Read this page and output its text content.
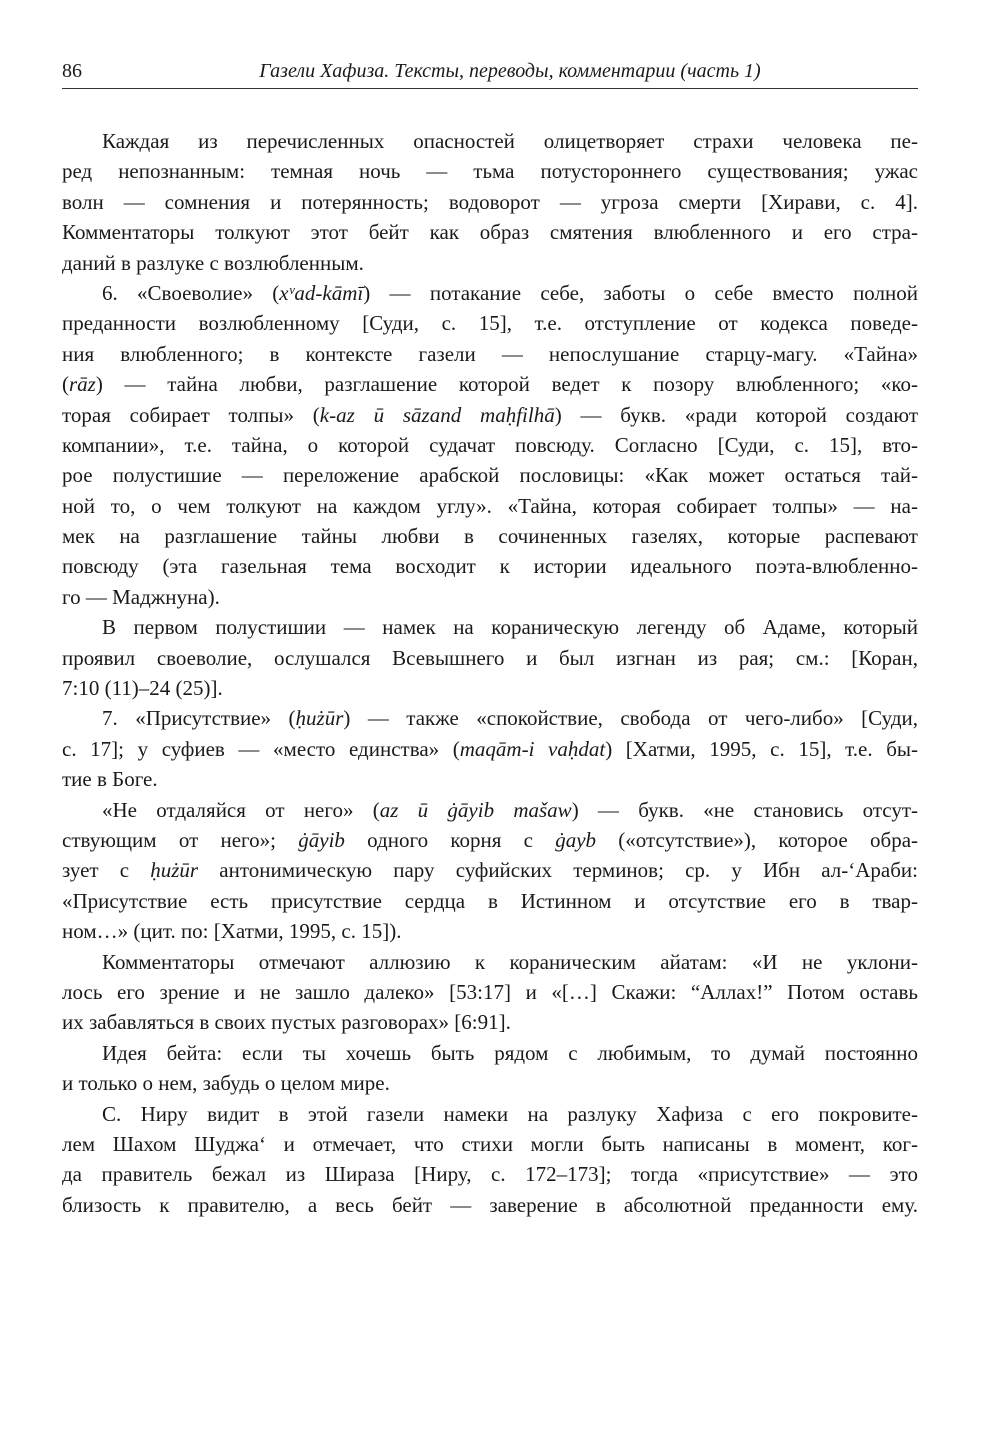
86	Газели Хафиза. Тексты, переводы, комментарии (часть 1)
Каждая из перечисленных опасностей олицетворяет страхи человека пе-
ред непознанным: темная ночь — тьма потустороннего существования; ужас
волн — сомнения и потерянность; водоворот — угроза смерти [Хирави, с. 4].
Комментаторы толкуют этот бейт как образ смятения влюбленного и его стра-
даний в разлуке с возлюбленным.
6. «Своеволие» (xᵛad-kāmī) — потакание себе, заботы о себе вместо полной
преданности возлюбленному [Суди, с. 15], т.е. отступление от кодекса поведе-
ния влюбленного; в контексте газели — непослушание старцу-магу. «Тайна»
(rāz) — тайна любви, разглашение которой ведет к позору влюбленного; «ко-
торая собирает толпы» (k-az ū sāzand maḥfilhā) — букв. «ради которой создают
компании», т.е. тайна, о которой судачат повсюду. Согласно [Суди, с. 15], вто-
рое полустишие — переложение арабской пословицы: «Как может остаться тай-
ной то, о чем толкуют на каждом углу». «Тайна, которая собирает толпы» — на-
мек на разглашение тайны любви в сочиненных газелях, которые распевают
повсюду (эта газельная тема восходит к истории идеального поэта-влюбленно-
го — Маджнуна).
В первом полустишии — намек на кораническую легенду об Адаме, который
проявил своеволие, ослушался Всевышнего и был изгнан из рая; см.: [Коран,
7:10 (11)–24 (25)].
7. «Присутствие» (ḥużūr) — также «спокойствие, свобода от чего-либо» [Суди,
с. 17]; у суфиев — «место единства» (maqām-i vaḥdat) [Хатми, 1995, с. 15], т.е. бы-
тие в Боге.
«Не отдаляйся от него» (az ū ġāyib mašaw) — букв. «не становись отсут-
ствующим от него»; ġāyib одного корня с ġayb («отсутствие»), которое обра-
зует с ḥużūr антонимическую пару суфийских терминов; ср. у Ибн ал-ʻАраби:
«Присутствие есть присутствие сердца в Истинном и отсутствие его в твар-
ном…» (цит. по: [Хатми, 1995, с. 15]).
Комментаторы отмечают аллюзию к кораническим айатам: «И не уклони-
лось его зрение и не зашло далеко» [53:17] и «[…] Скажи: “Аллах!” Потом оставь
их забавляться в своих пустых разговорах» [6:91].
Идея бейта: если ты хочешь быть рядом с любимым, то думай постоянно
и только о нем, забудь о целом мире.
С. Ниру видит в этой газели намеки на разлуку Хафиза с его покровите-
лем Шахом Шуджаʻ и отмечает, что стихи могли быть написаны в момент, ког-
да правитель бежал из Шираза [Ниру, с. 172–173]; тогда «присутствие» — это
близость к правителю, а весь бейт — заверение в абсолютной преданности ему.
